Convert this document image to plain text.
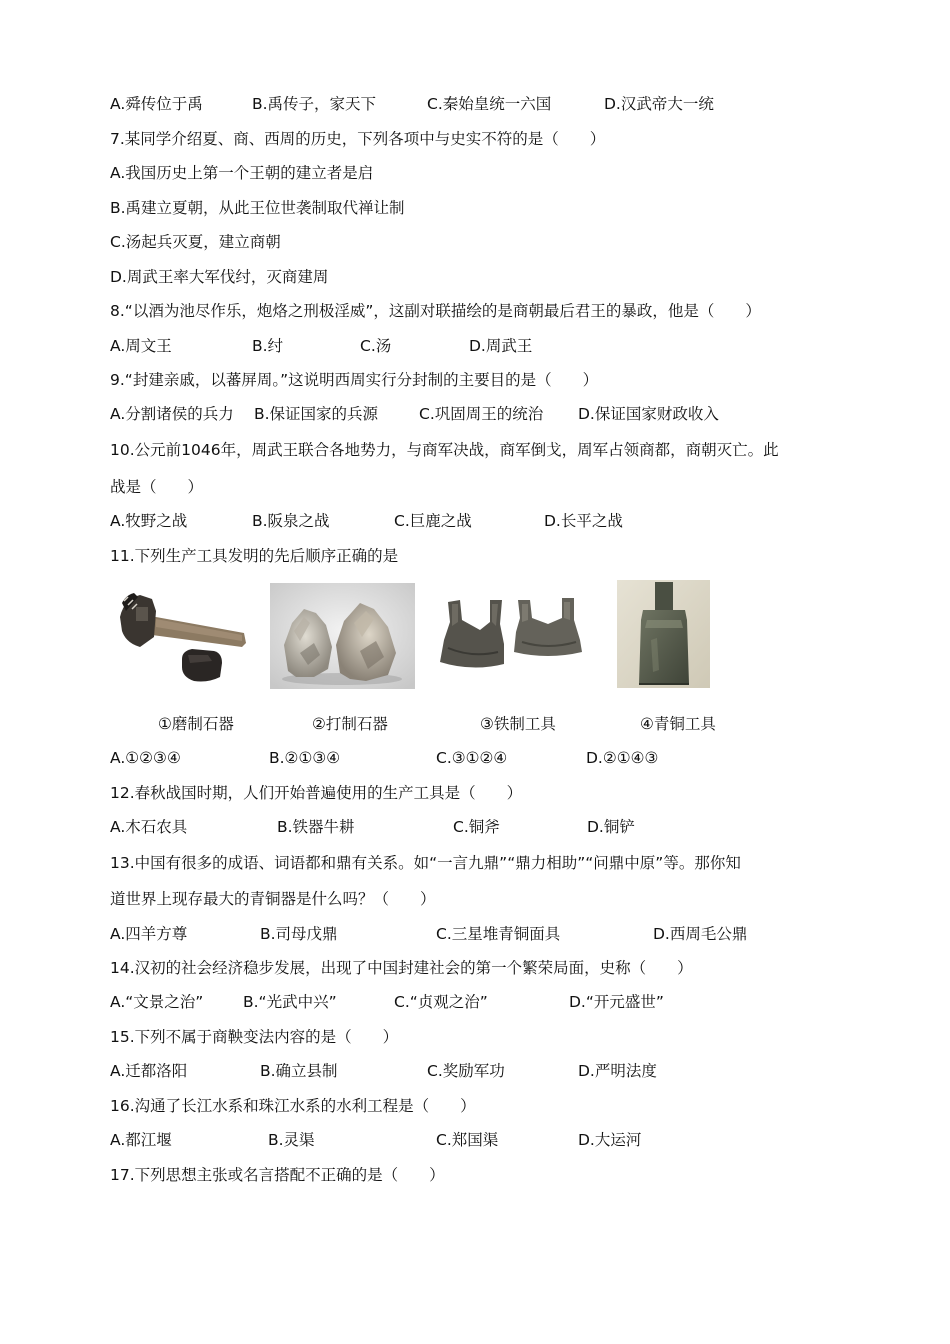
A.舜传位于禹	B.禹传子，家天下	C.秦始皇统一六国	D.汉武帝大一统
7.某同学介绍夏、商、西周的历史，下列各项中与史实不符的是（　　）
A.我国历史上第一个王朝的建立者是启
B.禹建立夏朝，从此王位世袭制取代禅让制
C.汤起兵灭夏，建立商朝
D.周武王率大军伐纣，灭商建周
8.“以酒为池尽作乐，炮烙之刑极淫威”，这副对联描绘的是商朝最后君王的暴政，他是（　　）
A.周文王	B.纣	C.汤	D.周武王
9.“封建亲戚，以蕃屏周。”这说明西周实行分封制的主要目的是（　　）
A.分割诸侯的兵力 B.保证国家的兵源	C.巩固周王的统治 D.保证国家财政收入
10.公元前1046年，周武王联合各地势力，与商军决战，商军倒戈，周军占领商都，商朝灭亡。此
战是（　　）
A.牧野之战	B.阪泉之战	C.巨鹿之战	D.长平之战
11.下列生产工具发明的先后顺序正确的是
①磨制石器	②打制石器	③铁制工具	④青铜工具
A.①②③④	B.②①③④	C.③①②④	D.②①④③
12.春秋战国时期，人们开始普遍使用的生产工具是（　　）
A.木石农具	B.铁器牛耕	C.铜斧	D.铜铲
13.中国有很多的成语、词语都和鼎有关系。如“一言九鼎”“鼎力相助”“问鼎中原”等。那你知
道世界上现存最大的青铜器是什么吗？（　　）
A.四羊方尊	B.司母戊鼎	C.三星堆青铜面具	D.西周毛公鼎
14.汉初的社会经济稳步发展，出现了中国封建社会的第一个繁荣局面，史称（　　）
A.“文景之治”	B.“光武中兴”	C.“贞观之治”	D.“开元盛世”
15.下列不属于商鞅变法内容的是（　　）
A.迁都洛阳	B.确立县制	C.奖励军功	D.严明法度
16.沟通了长江水系和珠江水系的水利工程是（　　）
A.都江堰	B.灵渠	C.郑国渠	D.大运河
17.下列思想主张或名言搭配不正确的是（　　）
